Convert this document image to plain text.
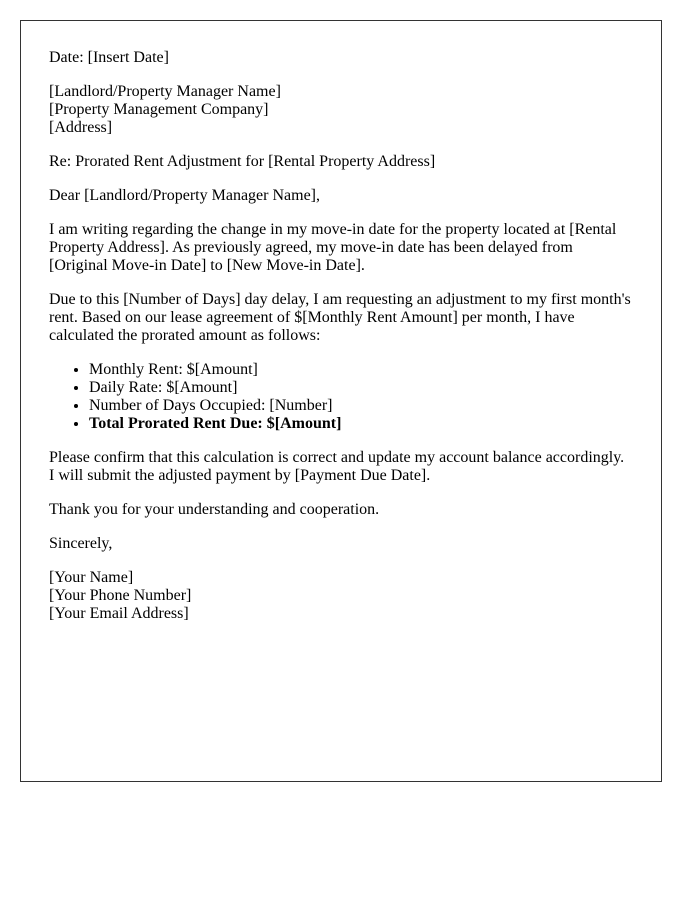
Date: [Insert Date]

[Landlord/Property Manager Name]
[Property Management Company]
[Address]

Re: Prorated Rent Adjustment for [Rental Property Address]

Dear [Landlord/Property Manager Name],

I am writing regarding the change in my move-in date for the property located at [Rental Property Address]. As previously agreed, my move-in date has been delayed from [Original Move-in Date] to [New Move-in Date].

Due to this [Number of Days] day delay, I am requesting an adjustment to my first month's rent. Based on our lease agreement of $[Monthly Rent Amount] per month, I have calculated the prorated amount as follows:

• Monthly Rent: $[Amount]
• Daily Rate: $[Amount]
• Number of Days Occupied: [Number]
• Total Prorated Rent Due: $[Amount]

Please confirm that this calculation is correct and update my account balance accordingly. I will submit the adjusted payment by [Payment Due Date].

Thank you for your understanding and cooperation.

Sincerely,

[Your Name]
[Your Phone Number]
[Your Email Address]
